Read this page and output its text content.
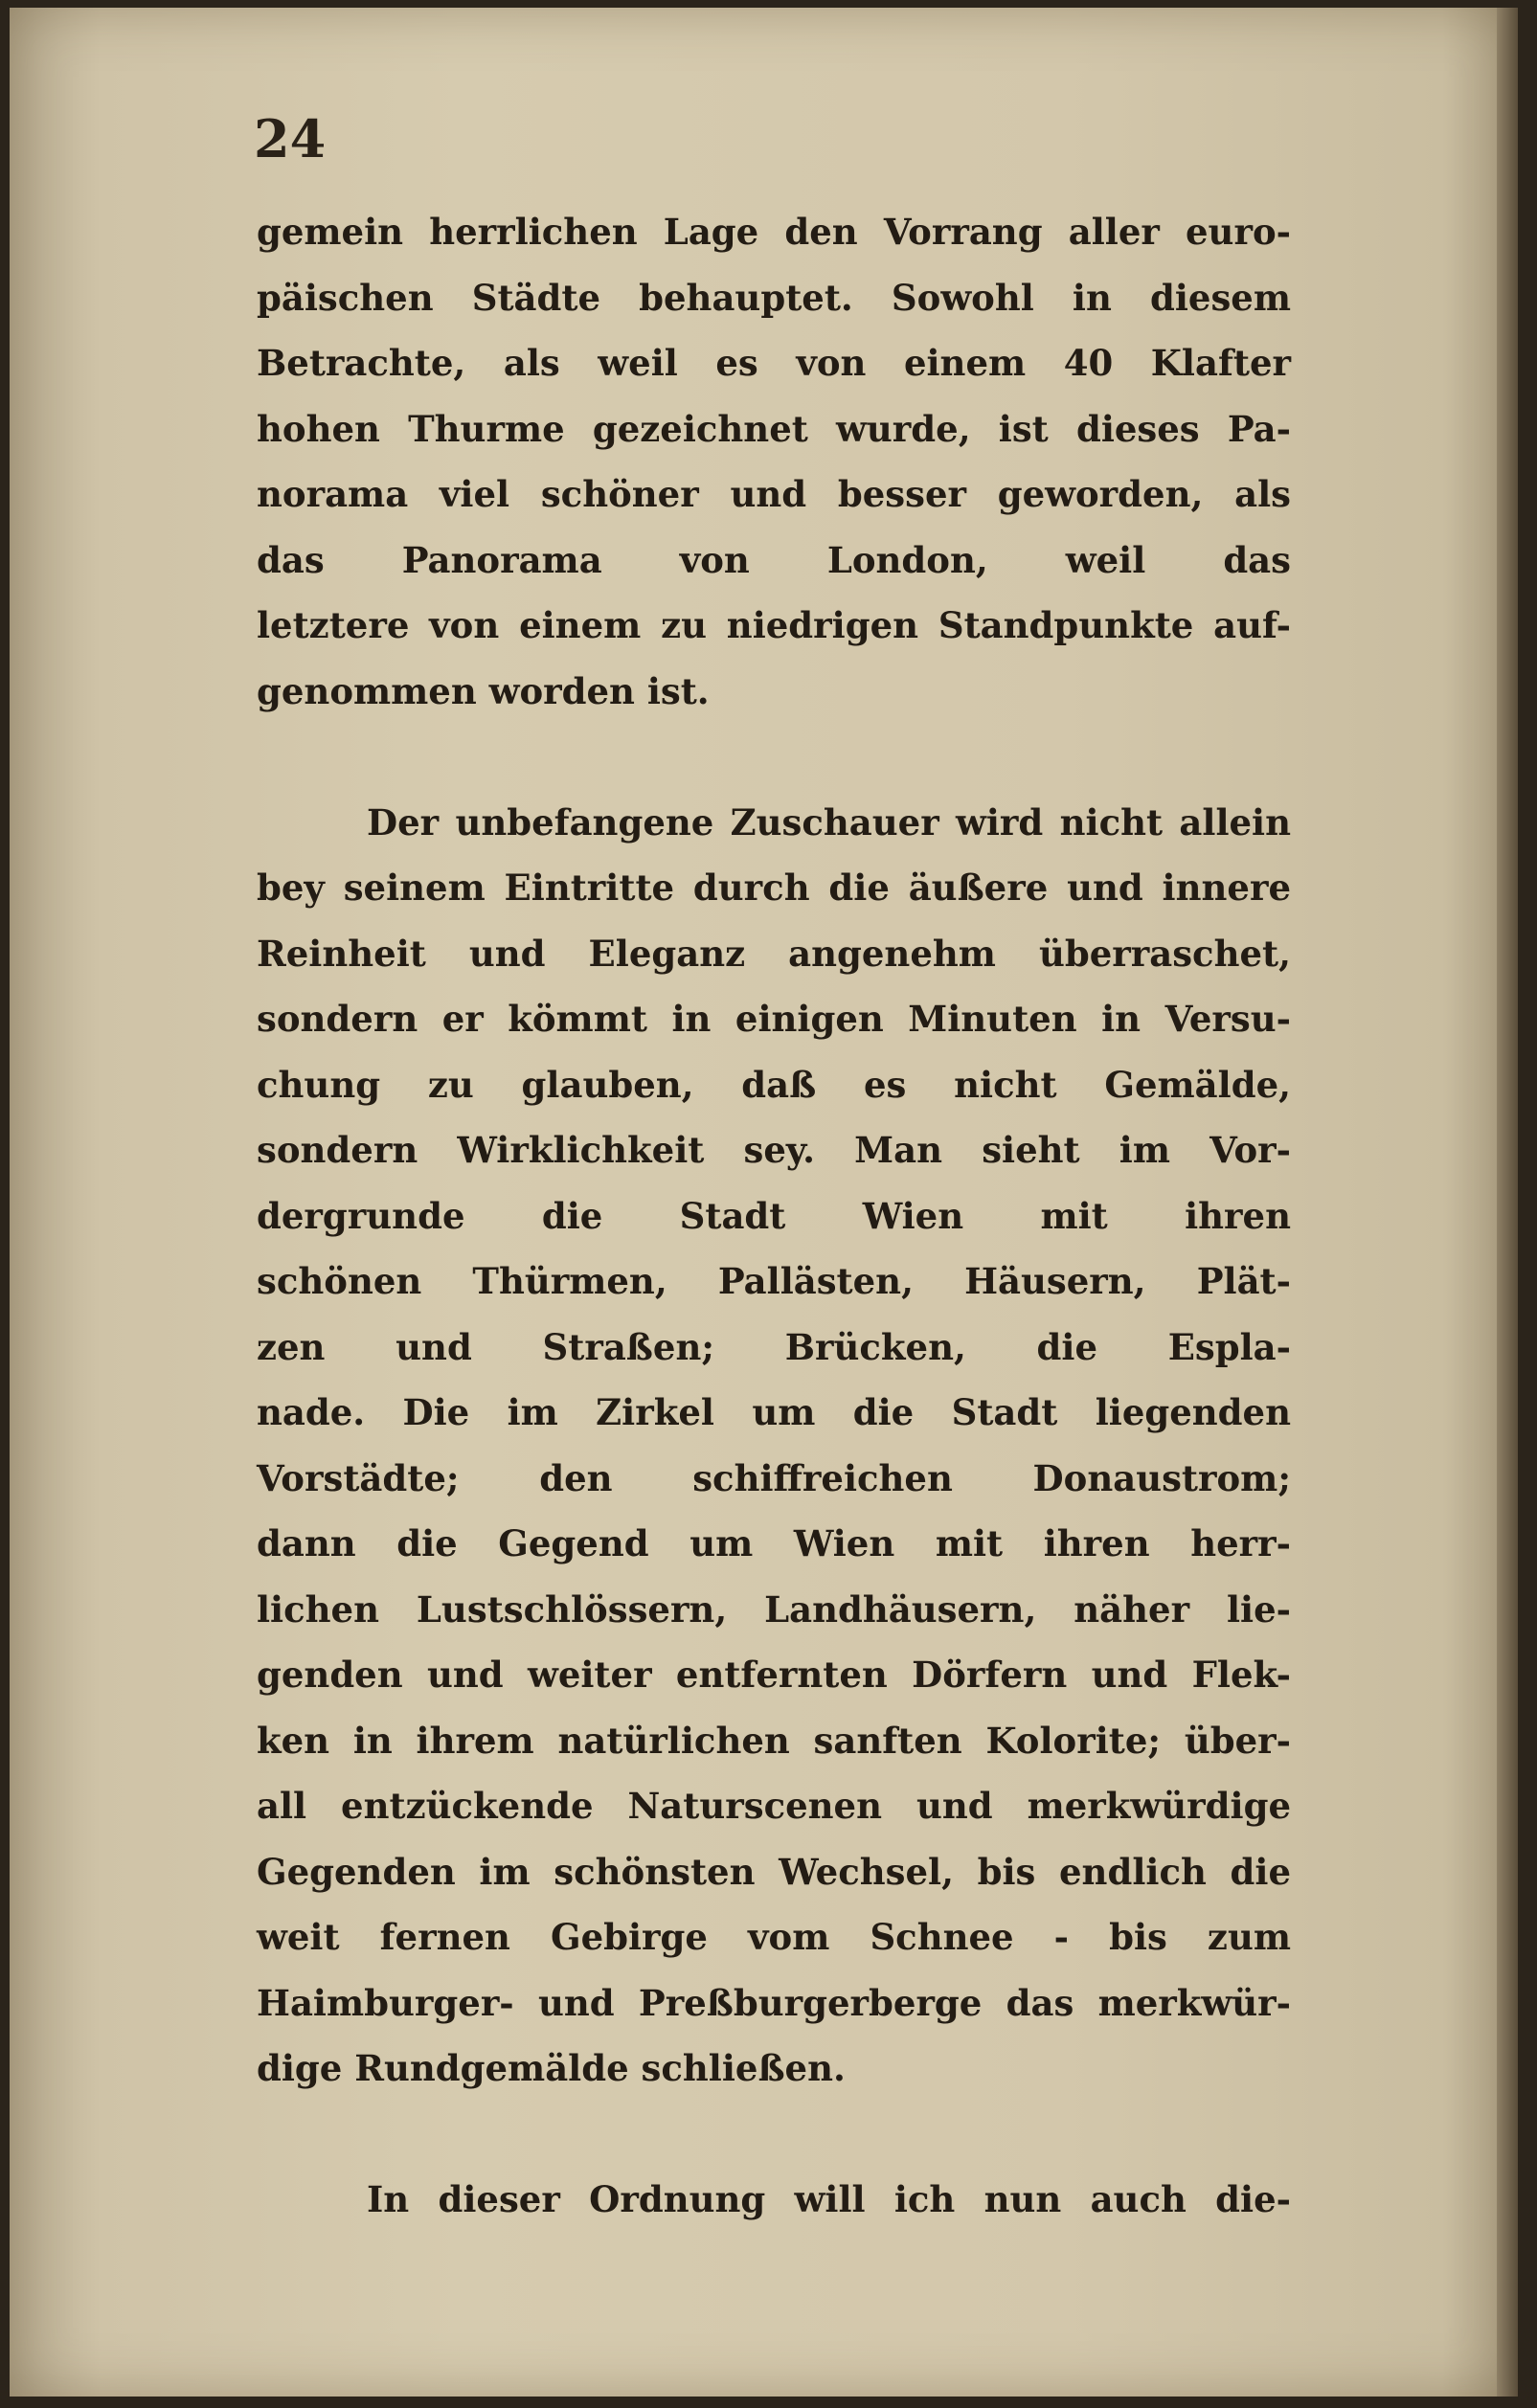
24
gemein herrlichen Lage den Vorrang aller euro-
päischen Städte behauptet. Sowohl in diesem
Betrachte, als weil es von einem 40 Klafter
hohen Thurme gezeichnet wurde, ist dieses Pa-
norama viel schöner und besser geworden, als
das Panorama von London, weil das
letztere von einem zu niedrigen Standpunkte auf-
genommen worden ist.
Der unbefangene Zuschauer wird nicht allein
bey seinem Eintritte durch die äußere und innere
Reinheit und Eleganz angenehm überraschet,
sondern er kömmt in einigen Minuten in Versu-
chung zu glauben, daß es nicht Gemälde,
sondern Wirklichkeit sey. Man sieht im Vor-
dergrunde die Stadt Wien mit ihren
schönen Thürmen, Pallästen, Häusern, Plät-
zen und Straßen; Brücken, die Espla-
nade. Die im Zirkel um die Stadt liegenden
Vorstädte; den schiffreichen Donaustrom;
dann die Gegend um Wien mit ihren herr-
lichen Lustschlössern, Landhäusern, näher lie-
genden und weiter entfernten Dörfern und Flek-
ken in ihrem natürlichen sanften Kolorite; über-
all entzückende Naturscenen und merkwürdige
Gegenden im schönsten Wechsel, bis endlich die
weit fernen Gebirge vom Schnee - bis zum
Haimburger- und Preßburgerberge das merkwür-
dige Rundgemälde schließen.
In dieser Ordnung will ich nun auch die-
